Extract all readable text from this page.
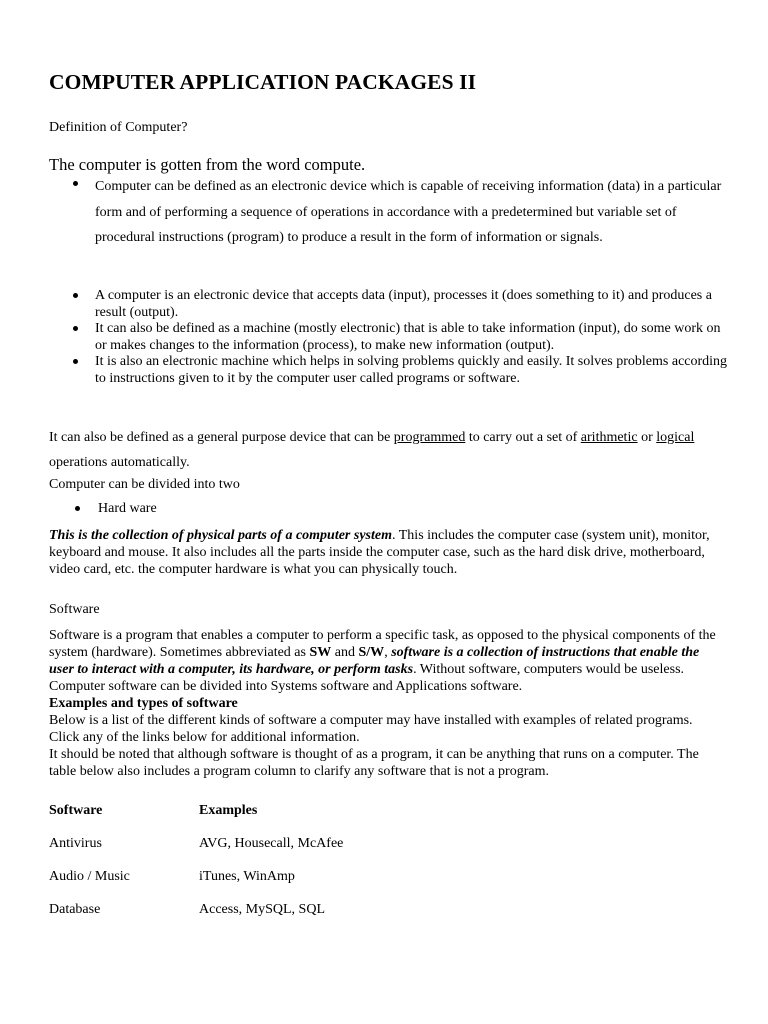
COMPUTER APPLICATION PACKAGES II
Definition of Computer?
The computer is gotten from the word compute.
Computer can be defined as an electronic device which is capable of receiving information (data) in a particular form and of performing a sequence of operations in accordance with a predetermined but variable set of procedural instructions (program) to produce a result in the form of information or signals.
A computer is an electronic device that accepts data (input), processes it (does something to it) and produces a result (output).
It can also be defined as a machine (mostly electronic) that is able to take information (input), do some work on or makes changes to the information (process), to make new information (output).
It is also an electronic machine which helps in solving problems quickly and easily. It solves problems according to instructions given to it by the computer user called programs or software.
It can also be defined as a general purpose device that can be programmed to carry out a set of arithmetic or logical operations automatically.
Computer can be divided into two
Hard ware
This is the collection of physical parts of a computer system. This includes the computer case (system unit), monitor, keyboard and mouse. It also includes all the parts inside the computer case, such as the hard disk drive, motherboard, video card, etc. the computer hardware is what you can physically touch.
Software
Software is a program that enables a computer to perform a specific task, as opposed to the physical components of the system (hardware). Sometimes abbreviated as SW and S/W, software is a collection of instructions that enable the user to interact with a computer, its hardware, or perform tasks. Without software, computers would be useless. Computer software can be divided into Systems software and Applications software.
Examples and types of software
Below is a list of the different kinds of software a computer may have installed with examples of related programs. Click any of the links below for additional information.
It should be noted that although software is thought of as a program, it can be anything that runs on a computer. The table below also includes a program column to clarify any software that is not a program.
Software	Examples
Antivirus	AVG, Housecall, McAfee
Audio / Music	iTunes, WinAmp
Database	Access, MySQL, SQL
